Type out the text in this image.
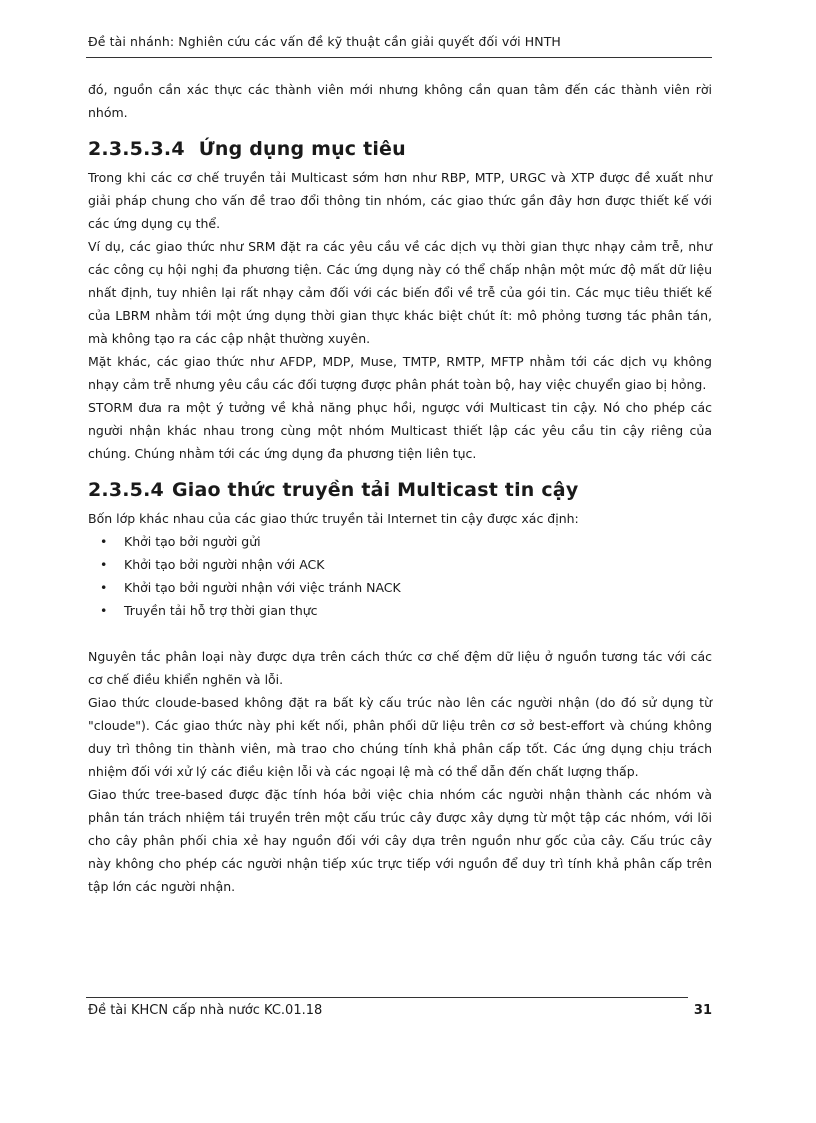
Đề tài nhánh: Nghiên cứu các vấn đề kỹ thuật cần giải quyết đối với HNTH

đó, nguồn cần xác thực các thành viên mới nhưng không cần quan tâm đến các thành viên rời nhóm.

2.3.5.3.4 Ứng dụng mục tiêu

Trong khi các cơ chế truyền tải Multicast sớm hơn như RBP, MTP, URGC và XTP được đề xuất như giải pháp chung cho vấn đề trao đổi thông tin nhóm, các giao thức gần đây hơn được thiết kế với các ứng dụng cụ thể.

Ví dụ, các giao thức như SRM đặt ra các yêu cầu về các dịch vụ thời gian thực nhạy cảm trễ, như các công cụ hội nghị đa phương tiện. Các ứng dụng này có thể chấp nhận một mức độ mất dữ liệu nhất định, tuy nhiên lại rất nhạy cảm đối với các biến đổi về trễ của gói tin. Các mục tiêu thiết kế của LBRM nhằm tới một ứng dụng thời gian thực khác biệt chút ít: mô phỏng tương tác phân tán, mà không tạo ra các cập nhật thường xuyên.

Mặt khác, các giao thức như AFDP, MDP, Muse, TMTP, RMTP, MFTP nhằm tới các dịch vụ không nhạy cảm trễ nhưng yêu cầu các đối tượng được phân phát toàn bộ, hay việc chuyển giao bị hỏng.

STORM đưa ra một ý tưởng về khả năng phục hồi, ngược với Multicast tin cậy. Nó cho phép các người nhận khác nhau trong cùng một nhóm Multicast thiết lập các yêu cầu tin cậy riêng của chúng. Chúng nhằm tới các ứng dụng đa phương tiện liên tục.

2.3.5.4 Giao thức truyền tải Multicast tin cậy

Bốn lớp khác nhau của các giao thức truyền tải Internet tin cậy được xác định:

• Khởi tạo bởi người gửi
• Khởi tạo bởi người nhận với ACK
• Khởi tạo bởi người nhận với việc tránh NACK
• Truyền tải hỗ trợ thời gian thực

Nguyên tắc phân loại này được dựa trên cách thức cơ chế đệm dữ liệu ở nguồn tương tác với các cơ chế điều khiển nghẽn và lỗi.

Giao thức cloude-based không đặt ra bất kỳ cấu trúc nào lên các người nhận (do đó sử dụng từ "cloude"). Các giao thức này phi kết nối, phân phối dữ liệu trên cơ sở best-effort và chúng không duy trì thông tin thành viên, mà trao cho chúng tính khả phân cấp tốt. Các ứng dụng chịu trách nhiệm đối với xử lý các điều kiện lỗi và các ngoại lệ mà có thể dẫn đến chất lượng thấp.

Giao thức tree-based được đặc tính hóa bởi việc chia nhóm các người nhận thành các nhóm và phân tán trách nhiệm tái truyền trên một cấu trúc cây được xây dựng từ một tập các nhóm, với lõi cho cây phân phối chia xẻ hay nguồn đối với cây dựa trên nguồn như gốc của cây. Cấu trúc cây này không cho phép các người nhận tiếp xúc trực tiếp với nguồn để duy trì tính khả phân cấp trên tập lớn các người nhận.

Đề tài KHCN cấp nhà nước KC.01.18	31
